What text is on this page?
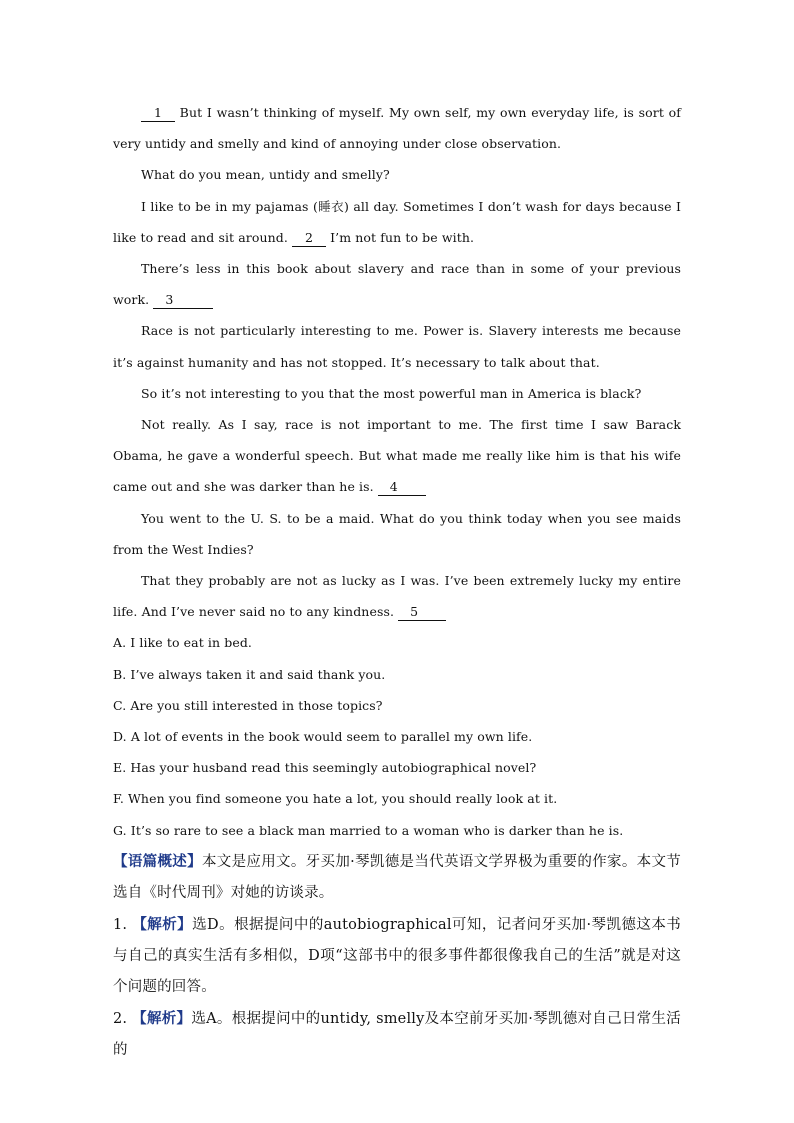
1 But I wasn’t thinking of myself. My own self, my own everyday life, is sort of very untidy and smelly and kind of annoying under close observation.

What do you mean, untidy and smelly?

I like to be in my pajamas (睡衣) all day. Sometimes I don’t wash for days because I like to read and sit around. 2 I’m not fun to be with.

There’s less in this book about slavery and race than in some of your previous work. 3

Race is not particularly interesting to me. Power is. Slavery interests me because it’s against humanity and has not stopped. It’s necessary to talk about that.

So it’s not interesting to you that the most powerful man in America is black?

Not really. As I say, race is not important to me. The first time I saw Barack Obama, he gave a wonderful speech. But what made me really like him is that his wife came out and she was darker than he is. 4

You went to the U. S. to be a maid. What do you think today when you see maids from the West Indies?

That they probably are not as lucky as I was. I’ve been extremely lucky my entire life. And I’ve never said no to any kindness. 5

A. I like to eat in bed.

B. I’ve always taken it and said thank you.

C. Are you still interested in those topics?

D. A lot of events in the book would seem to parallel my own life.

E. Has your husband read this seemingly autobiographical novel?

F. When you find someone you hate a lot, you should really look at it.

G. It’s so rare to see a black man married to a woman who is darker than he is.

【语篇概述】本文是应用文。牙买加·琴凯德是当代英语文学界极为重要的作家。本文节选自《时代周刊》对她的访谈录。

1. 【解析】选D。根据提问中的autobiographical可知，记者问牙买加·琴凯德这本书与自己的真实生活有多相似，D项“这部书中的很多事件都很像我自己的生活”就是对这个问题的回答。

2. 【解析】选A。根据提问中的untidy, smelly及本空前牙买加·琴凯德对自己日常生活的
